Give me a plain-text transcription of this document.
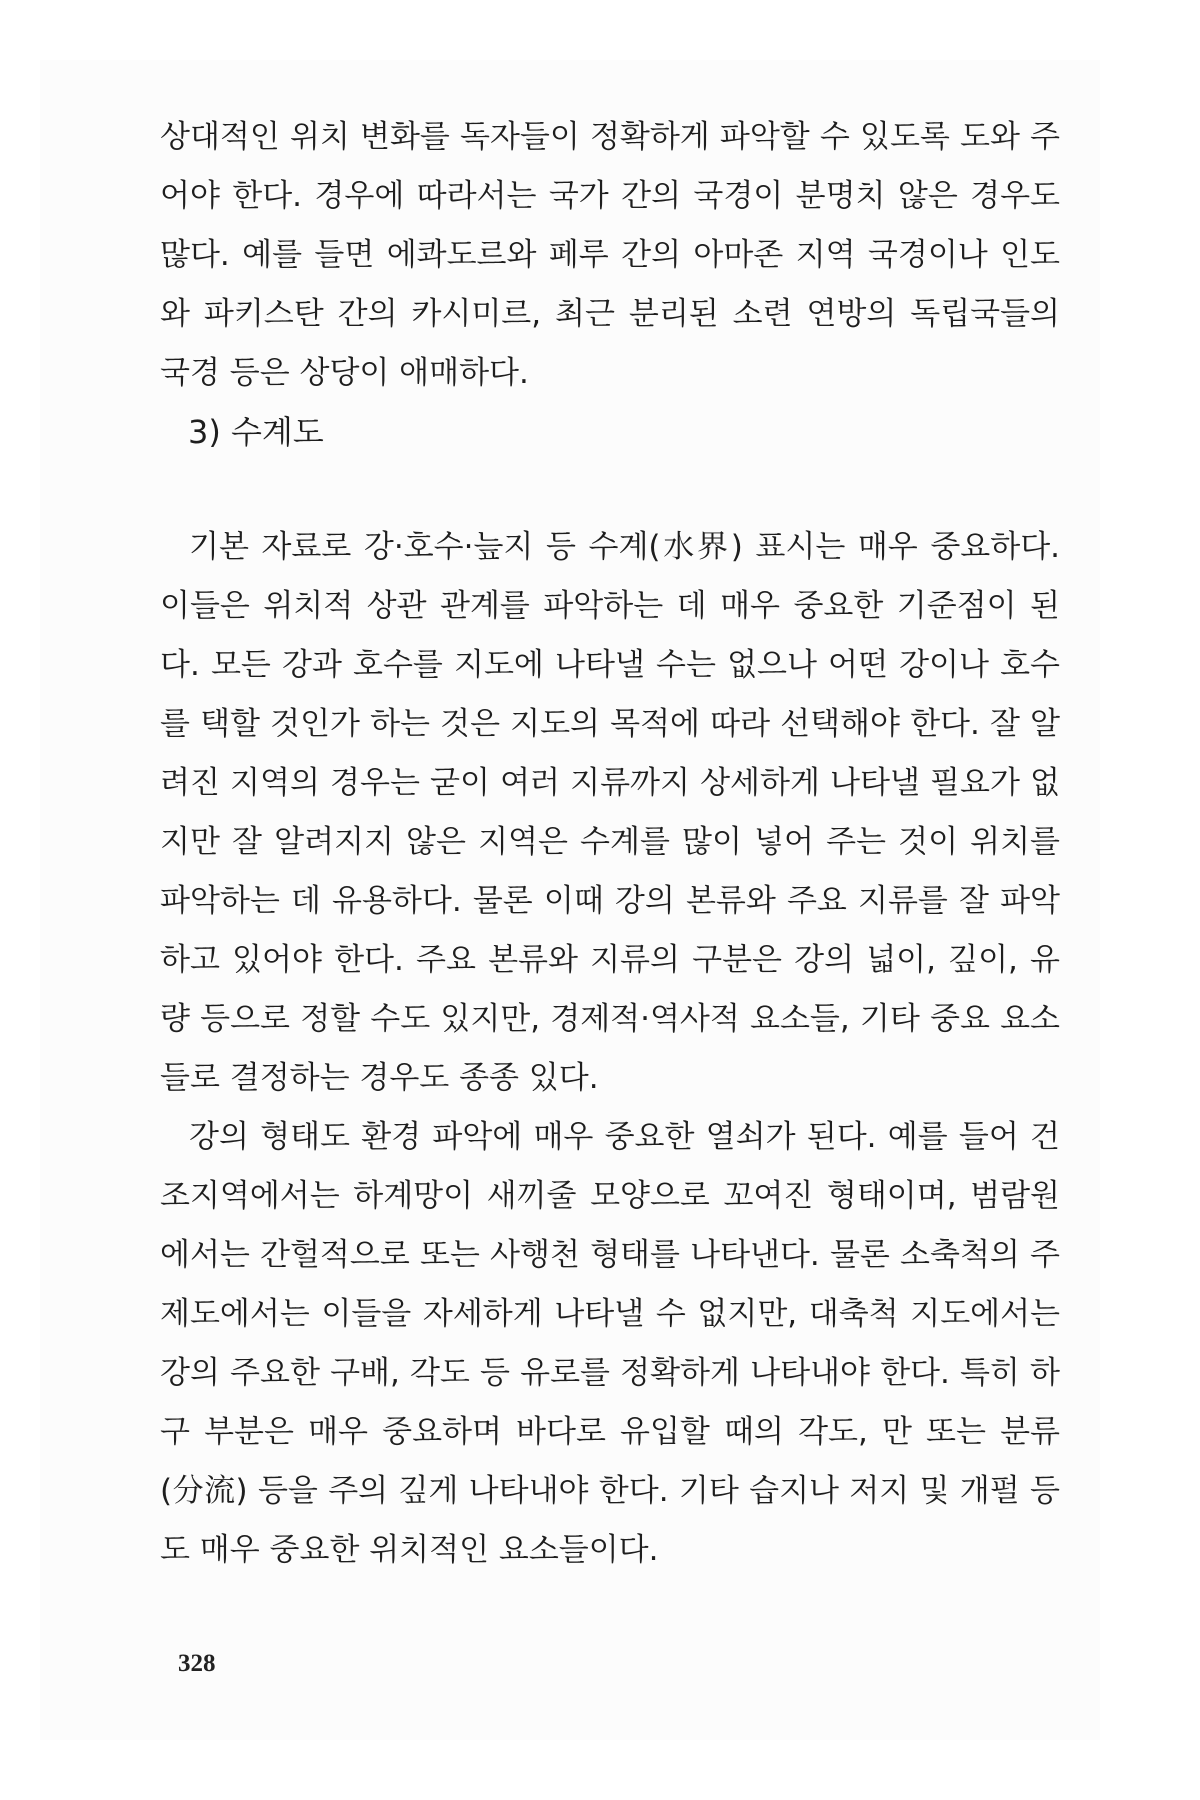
상대적인 위치 변화를 독자들이 정확하게 파악할 수 있도록 도와 주어야 한다. 경우에 따라서는 국가 간의 국경이 분명치 않은 경우도 많다. 예를 들면 에콰도르와 페루 간의 아마존 지역 국경이나 인도와 파키스탄 간의 카시미르, 최근 분리된 소련 연방의 독립국들의 국경 등은 상당이 애매하다.

3) 수계도

기본 자료로 강·호수·늪지 등 수계(水界) 표시는 매우 중요하다. 이들은 위치적 상관 관계를 파악하는 데 매우 중요한 기준점이 된다. 모든 강과 호수를 지도에 나타낼 수는 없으나 어떤 강이나 호수를 택할 것인가 하는 것은 지도의 목적에 따라 선택해야 한다. 잘 알려진 지역의 경우는 굳이 여러 지류까지 상세하게 나타낼 필요가 없지만 잘 알려지지 않은 지역은 수계를 많이 넣어 주는 것이 위치를 파악하는 데 유용하다. 물론 이때 강의 본류와 주요 지류를 잘 파악하고 있어야 한다. 주요 본류와 지류의 구분은 강의 넓이, 깊이, 유량 등으로 정할 수도 있지만, 경제적·역사적 요소들, 기타 중요 요소들로 결정하는 경우도 종종 있다.

강의 형태도 환경 파악에 매우 중요한 열쇠가 된다. 예를 들어 건조지역에서는 하계망이 새끼줄 모양으로 꼬여진 형태이며, 범람원에서는 간헐적으로 또는 사행천 형태를 나타낸다. 물론 소축척의 주제도에서는 이들을 자세하게 나타낼 수 없지만, 대축척 지도에서는 강의 주요한 구배, 각도 등 유로를 정확하게 나타내야 한다. 특히 하구 부분은 매우 중요하며 바다로 유입할 때의 각도, 만 또는 분류(分流) 등을 주의 깊게 나타내야 한다. 기타 습지나 저지 및 개펄 등도 매우 중요한 위치적인 요소들이다.

328
